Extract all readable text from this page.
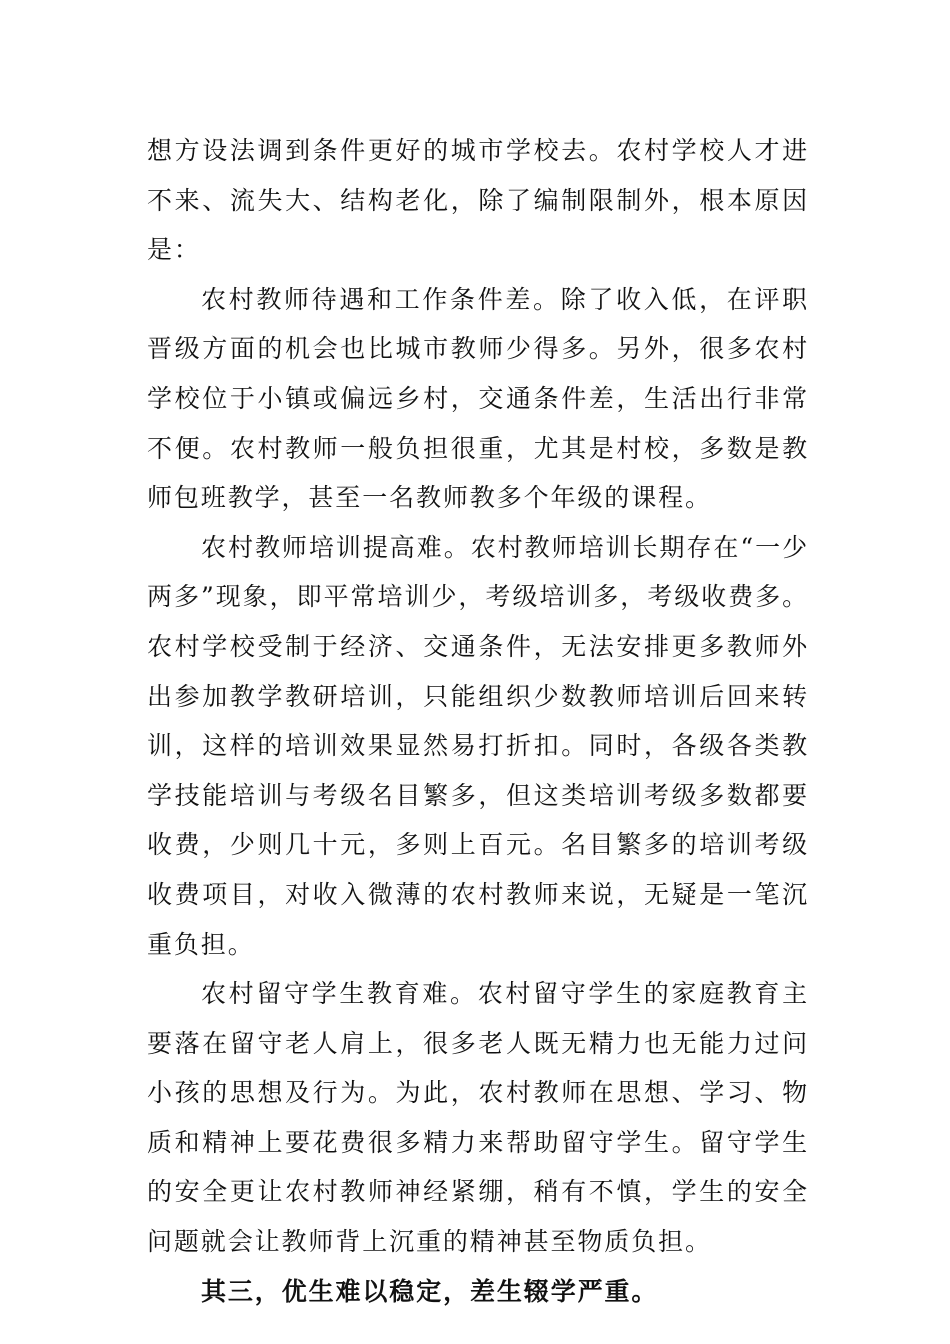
想方设法调到条件更好的城市学校去。农村学校人才进不来、流失大、结构老化，除了编制限制外，根本原因是：

农村教师待遇和工作条件差。除了收入低，在评职晋级方面的机会也比城市教师少得多。另外，很多农村学校位于小镇或偏远乡村，交通条件差，生活出行非常不便。农村教师一般负担很重，尤其是村校，多数是教师包班教学，甚至一名教师教多个年级的课程。

农村教师培训提高难。农村教师培训长期存在“一少两多”现象，即平常培训少，考级培训多，考级收费多。农村学校受制于经济、交通条件，无法安排更多教师外出参加教学教研培训，只能组织少数教师培训后回来转训，这样的培训效果显然易打折扣。同时，各级各类教学技能培训与考级名目繁多，但这类培训考级多数都要收费，少则几十元，多则上百元。名目繁多的培训考级收费项目，对收入微薄的农村教师来说，无疑是一笔沉重负担。

农村留守学生教育难。农村留守学生的家庭教育主要落在留守老人肩上，很多老人既无精力也无能力过问小孩的思想及行为。为此，农村教师在思想、学习、物质和精神上要花费很多精力来帮助留守学生。留守学生的安全更让农村教师神经紧绷，稍有不慎，学生的安全问题就会让教师背上沉重的精神甚至物质负担。

其三，优生难以稳定，差生辍学严重。
